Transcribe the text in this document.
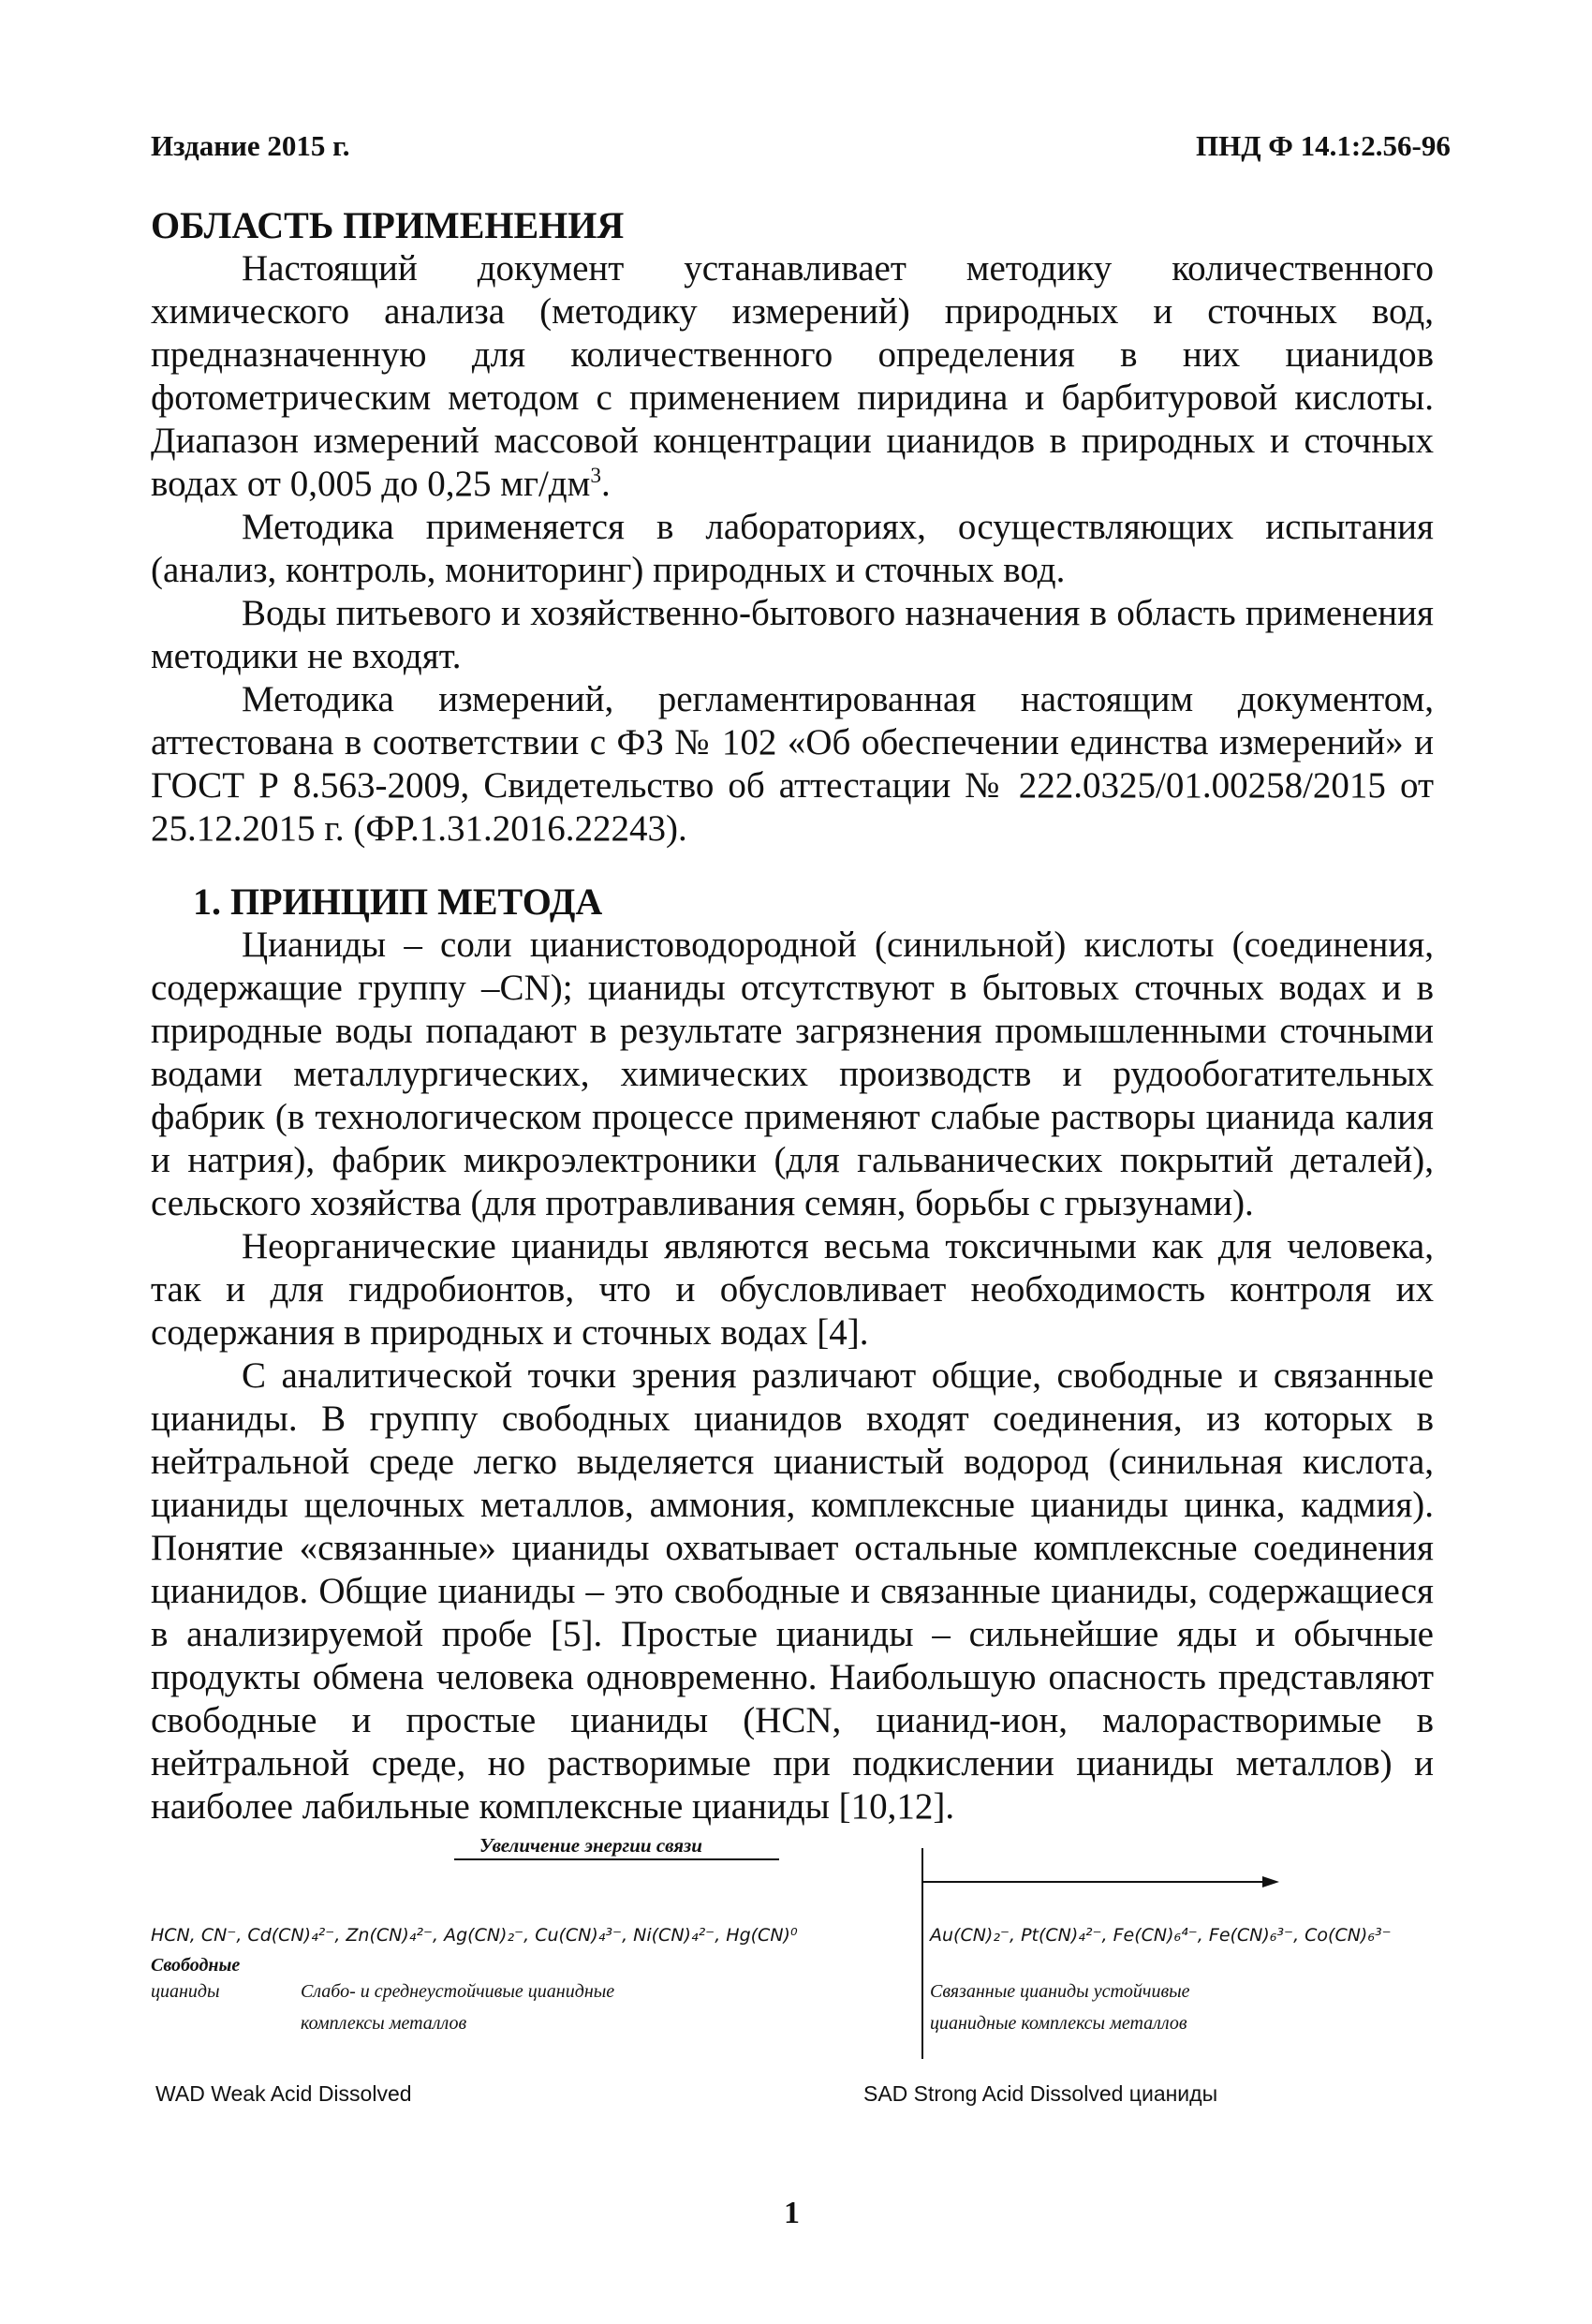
Издание 2015 г.	ПНД Ф 14.1:2.56-96
ОБЛАСТЬ ПРИМЕНЕНИЯ

Настоящий документ устанавливает методику количественного химического анализа (методику измерений) природных и сточных вод, предназначенную для количественного определения в них цианидов фотометрическим методом с применением пиридина и барбитуровой кислоты. Диапазон измерений массовой концентрации цианидов в природных и сточных водах от 0,005 до 0,25 $мг/дм^3$.

Методика применяется в лабораториях, осуществляющих испытания (анализ, контроль, мониторинг) природных и сточных вод.

Воды питьевого и хозяйственно-бытового назначения в область применения методики не входят.

Методика измерений, регламентированная настоящим документом, аттестована в соответствии с ФЗ № 102 «Об обеспечении единства измерений» и ГОСТ Р 8.563-2009, Свидетельство об аттестации № 222.0325/01.00258/2015 от 25.12.2015 г. (ФР.1.31.2016.22243).

1. ПРИНЦИП МЕТОДА

Цианиды – соли цианистоводородной (синильной) кислоты (соединения, содержащие группу –CN); цианиды отсутствуют в бытовых сточных водах и в природные воды попадают в результате загрязнения промышленными сточными водами металлургических, химических производств и рудообогатительных фабрик (в технологическом процессе применяют слабые растворы цианида калия и натрия), фабрик микроэлектроники (для гальванических покрытий деталей), сельского хозяйства (для протравливания семян, борьбы с грызунами).

Неорганические цианиды являются весьма токсичными как для человека, так и для гидробионтов, что и обусловливает необходимость контроля их содержания в природных и сточных водах [4].

С аналитической точки зрения различают общие, свободные и связанные цианиды. В группу свободных цианидов входят соединения, из которых в нейтральной среде легко выделяется цианистый водород (синильная кислота, цианиды щелочных металлов, аммония, комплексные цианиды цинка, кадмия). Понятие «связанные» цианиды охватывает остальные комплексные соединения цианидов. Общие цианиды – это свободные и связанные цианиды, содержащиеся в анализируемой пробе [5]. Простые цианиды – сильнейшие яды и обычные продукты обмена человека одновременно. Наибольшую опасность представляют свободные и простые цианиды (HCN, цианид-ион, малорастворимые в нейтральной среде, но растворимые при подкислении цианиды металлов) и наиболее лабильные комплексные цианиды [10,12].

Увеличение энергии связи
HCN, CN⁻, Cd(CN)₄²⁻, Zn(CN)₄²⁻, Ag(CN)₂⁻, Cu(CN)₄³⁻, Ni(CN)₄²⁻, Hg(CN)⁰	Au(CN)₂⁻, Pt(CN)₄²⁻, Fe(CN)₆⁴⁻, Fe(CN)₆³⁻, Co(CN)₆³⁻
Свободные
цианиды	Слабо- и среднеустойчивые цианидные
комплексы металлов
Связанные цианиды устойчивые
цианидные комплексы металлов
WAD Weak Acid Dissolved	SAD Strong Acid Dissolved цианиды
1
